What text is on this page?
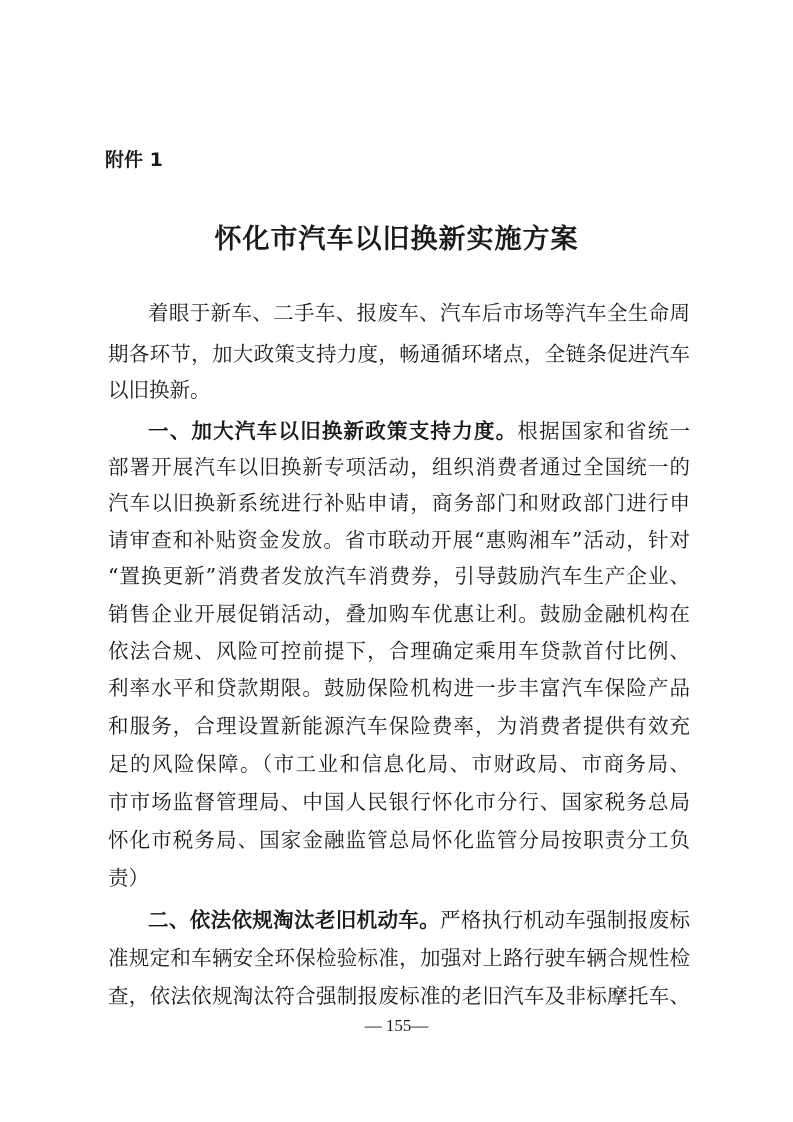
附件 1
怀化市汽车以旧换新实施方案
着眼于新车、二手车、报废车、汽车后市场等汽车全生命周
期各环节，加大政策支持力度，畅通循环堵点，全链条促进汽车
以旧换新。
一、加大汽车以旧换新政策支持力度。根据国家和省统一
部署开展汽车以旧换新专项活动，组织消费者通过全国统一的
汽车以旧换新系统进行补贴申请，商务部门和财政部门进行申
请审查和补贴资金发放。省市联动开展“惠购湘车”活动，针对
“置换更新”消费者发放汽车消费券，引导鼓励汽车生产企业、
销售企业开展促销活动，叠加购车优惠让利。鼓励金融机构在
依法合规、风险可控前提下，合理确定乘用车贷款首付比例、
利率水平和贷款期限。鼓励保险机构进一步丰富汽车保险产品
和服务，合理设置新能源汽车保险费率，为消费者提供有效充
足的风险保障。（市工业和信息化局、市财政局、市商务局、
市市场监督管理局、中国人民银行怀化市分行、国家税务总局
怀化市税务局、国家金融监管总局怀化监管分局按职责分工负
责）
二、依法依规淘汰老旧机动车。严格执行机动车强制报废标
准规定和车辆安全环保检验标准，加强对上路行驶车辆合规性检
查，依法依规淘汰符合强制报废标准的老旧汽车及非标摩托车、
— 155—
